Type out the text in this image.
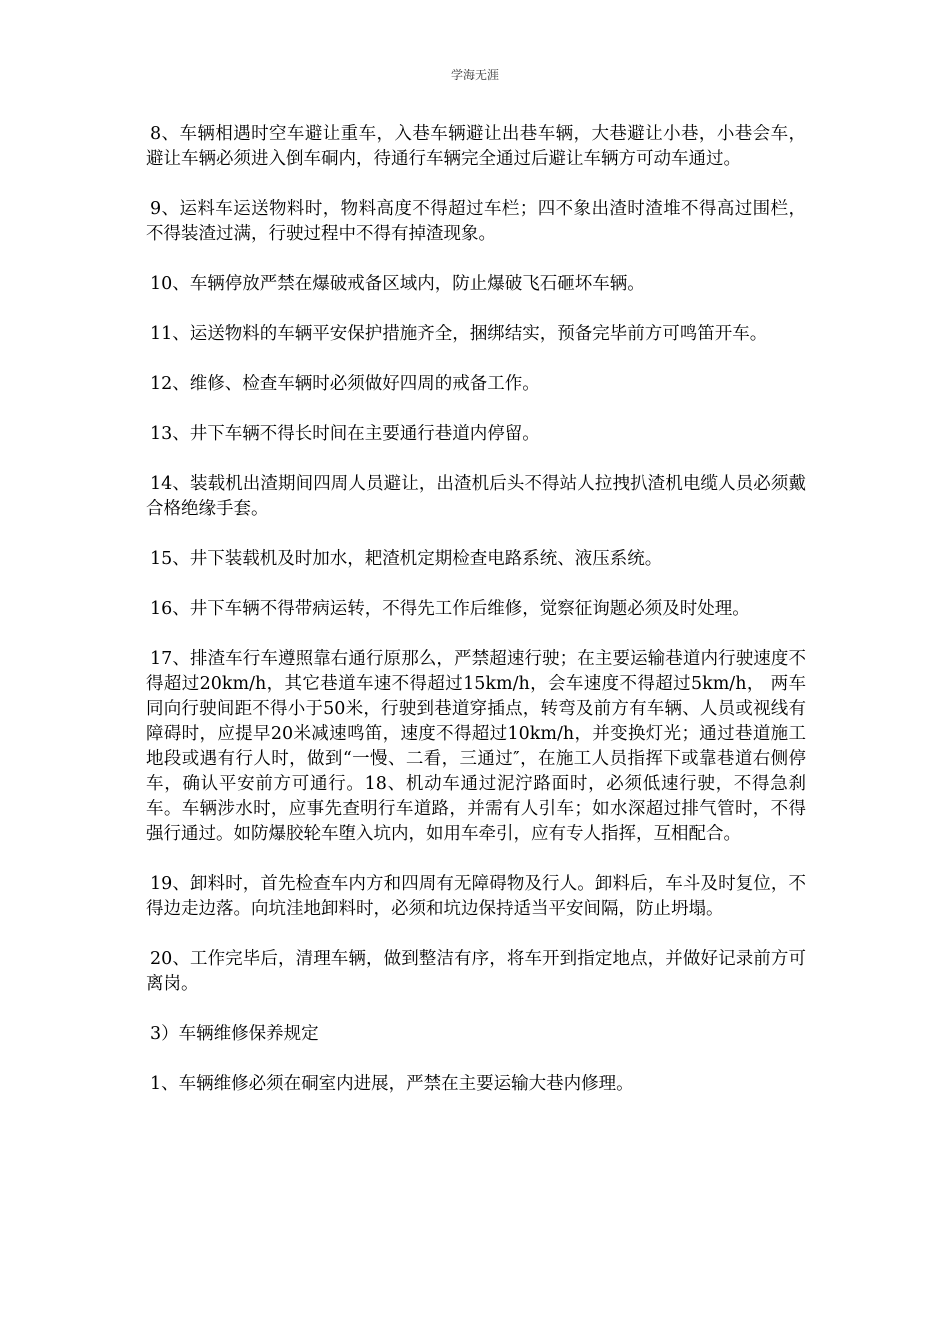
学海无涯

8、车辆相遇时空车避让重车，入巷车辆避让出巷车辆，大巷避让小巷，小巷会车，避让车辆必须进入倒车硐内，待通行车辆完全通过后避让车辆方可动车通过。

9、运料车运送物料时，物料高度不得超过车栏；四不象出渣时渣堆不得高过围栏，不得装渣过满，行驶过程中不得有掉渣现象。

10、车辆停放严禁在爆破戒备区域内，防止爆破飞石砸坏车辆。

11、运送物料的车辆平安保护措施齐全，捆绑结实，预备完毕前方可鸣笛开车。

12、维修、检查车辆时必须做好四周的戒备工作。

13、井下车辆不得长时间在主要通行巷道内停留。

14、装载机出渣期间四周人员避让，出渣机后头不得站人拉拽扒渣机电缆人员必须戴合格绝缘手套。

15、井下装载机及时加水，耙渣机定期检查电路系统、液压系统。

16、井下车辆不得带病运转，不得先工作后维修，觉察征询题必须及时处理。

17、排渣车行车遵照靠右通行原那么，严禁超速行驶；在主要运输巷道内行驶速度不得超过20km/h，其它巷道车速不得超过15km/h，会车速度不得超过5km/h， 两车同向行驶间距不得小于50米，行驶到巷道穿插点，转弯及前方有车辆、人员或视线有障碍时，应提早20米减速鸣笛，速度不得超过10km/h，并变换灯光；通过巷道施工地段或遇有行人时，做到“一慢、二看，三通过″，在施工人员指挥下或靠巷道右侧停车，确认平安前方可通行。18、机动车通过泥泞路面时，必须低速行驶，不得急刹车。车辆涉水时，应事先查明行车道路，并需有人引车；如水深超过排气管时，不得强行通过。如防爆胶轮车堕入坑内，如用车牵引，应有专人指挥，互相配合。

19、卸料时，首先检查车内方和四周有无障碍物及行人。卸料后，车斗及时复位，不得边走边落。向坑洼地卸料时，必须和坑边保持适当平安间隔，防止坍塌。

20、工作完毕后，清理车辆，做到整洁有序，将车开到指定地点，并做好记录前方可离岗。

3）车辆维修保养规定

1、车辆维修必须在硐室内进展，严禁在主要运输大巷内修理。
